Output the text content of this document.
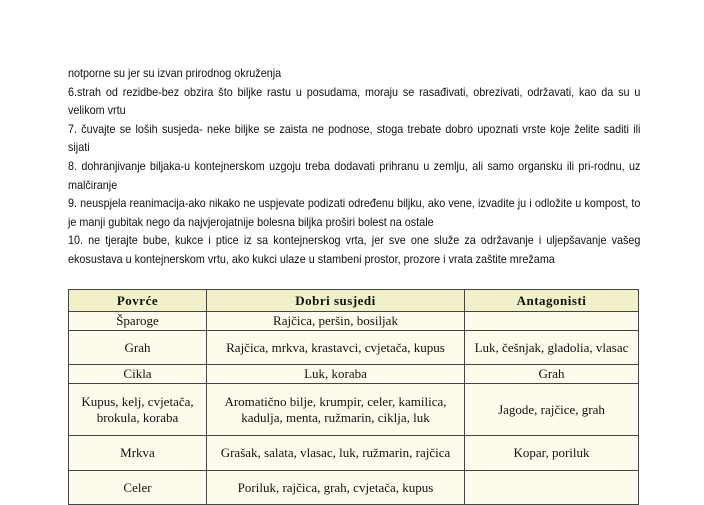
notporne su jer su izvan prirodnog okruženja

6.strah od rezidbe-bez obzira što biljke rastu u posudama, moraju se rasađivati, obrezivati, održavati, kao da su u velikom vrtu

7. čuvajte se loših susjeda- neke biljke se zaista ne podnose, stoga trebate dobro upoznati vrste koje želite saditi ili sijati

8. dohranjivanje biljaka-u kontejnerskom uzgoju treba dodavati prihranu u zemlju, ali samo organsku ili pri-rodnu, uz malčiranje

9. neuspjela reanimacija-ako nikako ne uspjevate podizati određenu biljku, ako vene, izvadite ju i odložite u kompost, to je manji gubitak nego da najvjerojatnije bolesna biljka proširi bolest na ostale

10. ne tjerajte bube, kukce i ptice iz sa kontejnerskog vrta, jer sve one služe za održavanje i uljepšavanje vašeg ekosustava u kontejnerskom vrtu, ako kukci ulaze u stambeni prostor, prozore i vrata zaštite mrežama

Povrće	Dobri susjedi	Antagonisti
Šparoge	Rajčica, peršin, bosiljak	
Grah	Rajčica, mrkva, krastavci, cvjetača, kupus	Luk, češnjak, gladolia, vlasac
Cikla	Luk, koraba	Grah
Kupus, kelj, cvjetača, brokula, koraba	Aromatično bilje, krumpir, celer, kamilica, kadulja, menta, ružmarin, ciklja, luk	Jagode, rajčice, grah
Mrkva	Grašak, salata, vlasac, luk, ružmarin, rajčica	Kopar, poriluk
Celer	Poriluk, rajčica, grah, cvjetača, kupus	
